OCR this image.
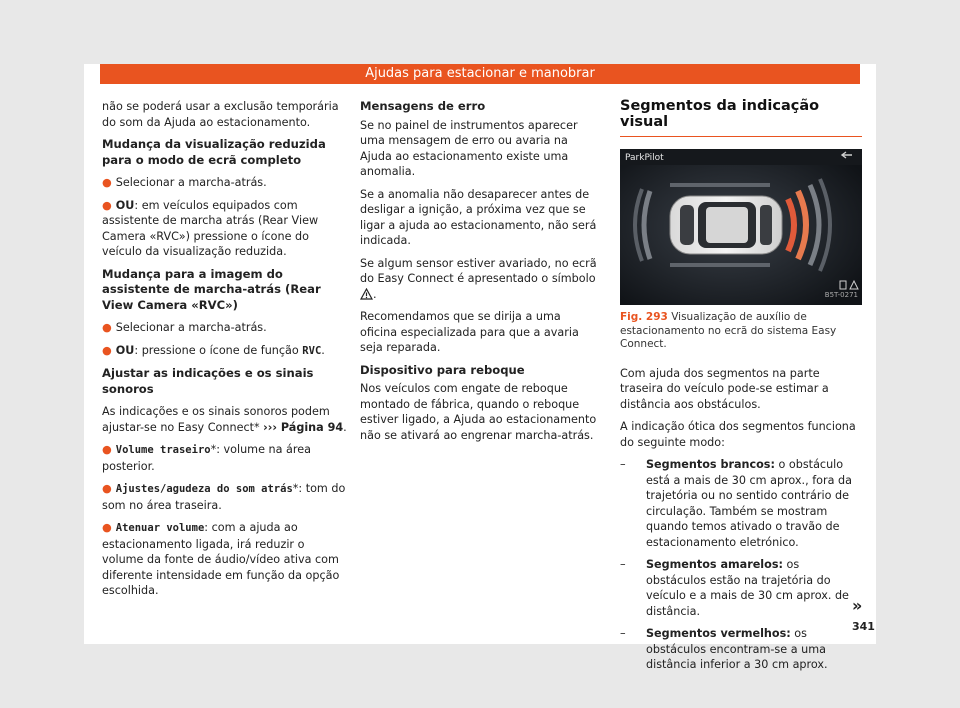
Ajudas para estacionar e manobrar

não se poderá usar a exclusão temporária do som da Ajuda ao estacionamento.

Mudança da visualização reduzida para o modo de ecrã completo

● Selecionar a marcha-atrás.

● OU: em veículos equipados com assistente de marcha atrás (Rear View Camera «RVC») pressione o ícone do veículo da visualização reduzida.

Mudança para a imagem do assistente de marcha-atrás (Rear View Camera «RVC»)

● Selecionar a marcha-atrás.

● OU: pressione o ícone de função RVC.

Ajustar as indicações e os sinais sonoros

As indicações e os sinais sonoros podem ajustar-se no Easy Connect* ››› Página 94.

● Volume traseiro*: volume na área posterior.

● Ajustes/agudeza do som atrás*: tom do som no área traseira.

● Atenuar volume: com a ajuda ao estacionamento ligada, irá reduzir o volume da fonte de áudio/vídeo ativa com diferente intensidade em função da opção escolhida.

Mensagens de erro

Se no painel de instrumentos aparecer uma mensagem de erro ou avaria na Ajuda ao estacionamento existe uma anomalia.

Se a anomalia não desaparecer antes de desligar a ignição, a próxima vez que se ligar a ajuda ao estacionamento, não será indicada.

Se algum sensor estiver avariado, no ecrã do Easy Connect é apresentado o símbolo .

Recomendamos que se dirija a uma oficina especializada para que a avaria seja reparada.

Dispositivo para reboque

Nos veículos com engate de reboque montado de fábrica, quando o reboque estiver ligado, a Ajuda ao estacionamento não se ativará ao engrenar marcha-atrás.

Segmentos da indicação visual
ParkPilot
B5T-0271
Fig. 293 Visualização de auxílio de estacionamento no ecrã do sistema Easy Connect.

Com ajuda dos segmentos na parte traseira do veículo pode-se estimar a distância aos obstáculos.

A indicação ótica dos segmentos funciona do seguinte modo:

– Segmentos brancos: o obstáculo está a mais de 30 cm aprox., fora da trajetória ou no sentido contrário de circulação. Também se mostram quando temos ativado o travão de estacionamento eletrónico.
– Segmentos amarelos: os obstáculos estão na trajetória do veículo e a mais de 30 cm aprox. de distância.
– Segmentos vermelhos: os obstáculos encontram-se a uma distância inferior a 30 cm aprox.
»
341
